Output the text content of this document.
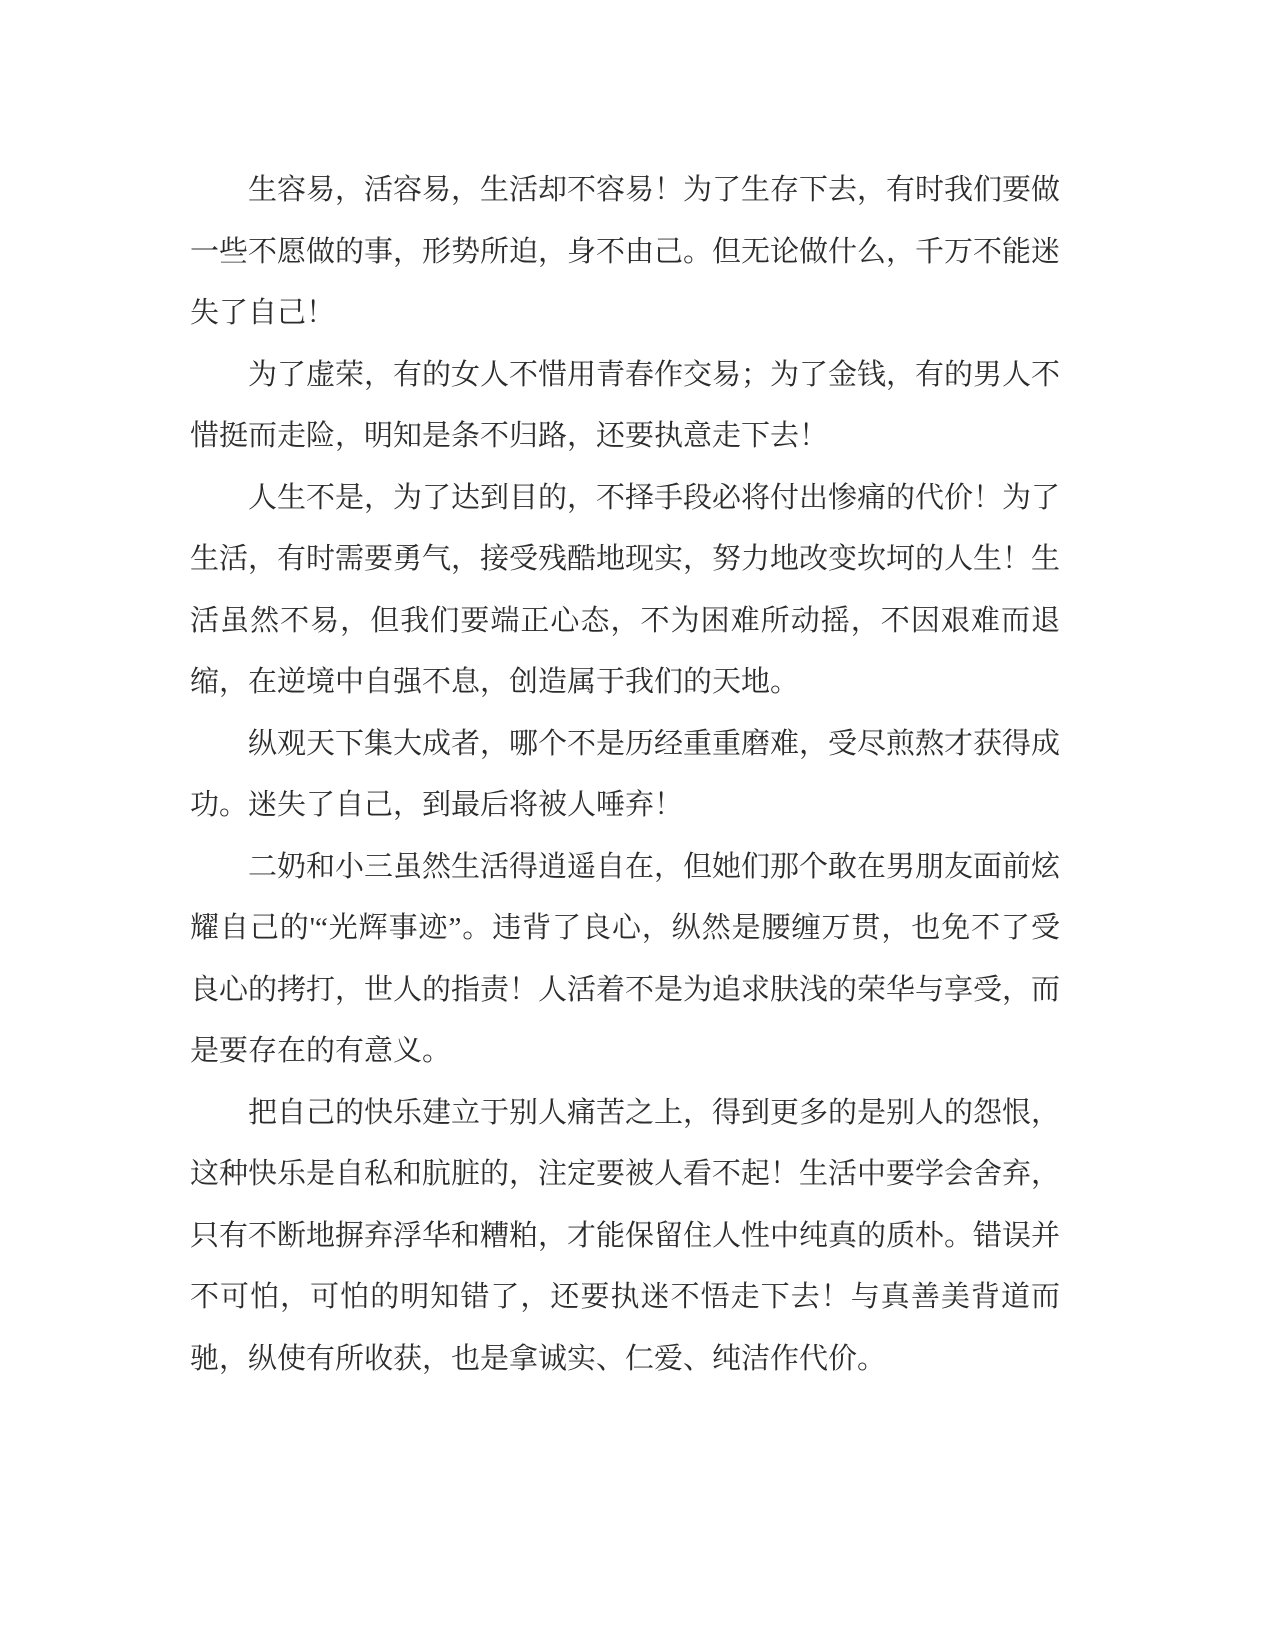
生容易，活容易，生活却不容易！为了生存下去，有时我们要做一些不愿做的事，形势所迫，身不由己。但无论做什么，千万不能迷失了自己！

为了虚荣，有的女人不惜用青春作交易；为了金钱，有的男人不惜挺而走险，明知是条不归路，还要执意走下去！

人生不是，为了达到目的，不择手段必将付出惨痛的代价！为了生活，有时需要勇气，接受残酷地现实，努力地改变坎坷的人生！生活虽然不易，但我们要端正心态，不为困难所动摇，不因艰难而退缩，在逆境中自强不息，创造属于我们的天地。

纵观天下集大成者，哪个不是历经重重磨难，受尽煎熬才获得成功。迷失了自己，到最后将被人唾弃！

二奶和小三虽然生活得逍遥自在，但她们那个敢在男朋友面前炫耀自己的'“光辉事迹”。违背了良心，纵然是腰缠万贯，也免不了受良心的拷打，世人的指责！人活着不是为追求肤浅的荣华与享受，而是要存在的有意义。

把自己的快乐建立于别人痛苦之上，得到更多的是别人的怨恨，这种快乐是自私和肮脏的，注定要被人看不起！生活中要学会舍弃，只有不断地摒弃浮华和糟粕，才能保留住人性中纯真的质朴。错误并不可怕，可怕的明知错了，还要执迷不悟走下去！与真善美背道而驰，纵使有所收获，也是拿诚实、仁爱、纯洁作代价。
